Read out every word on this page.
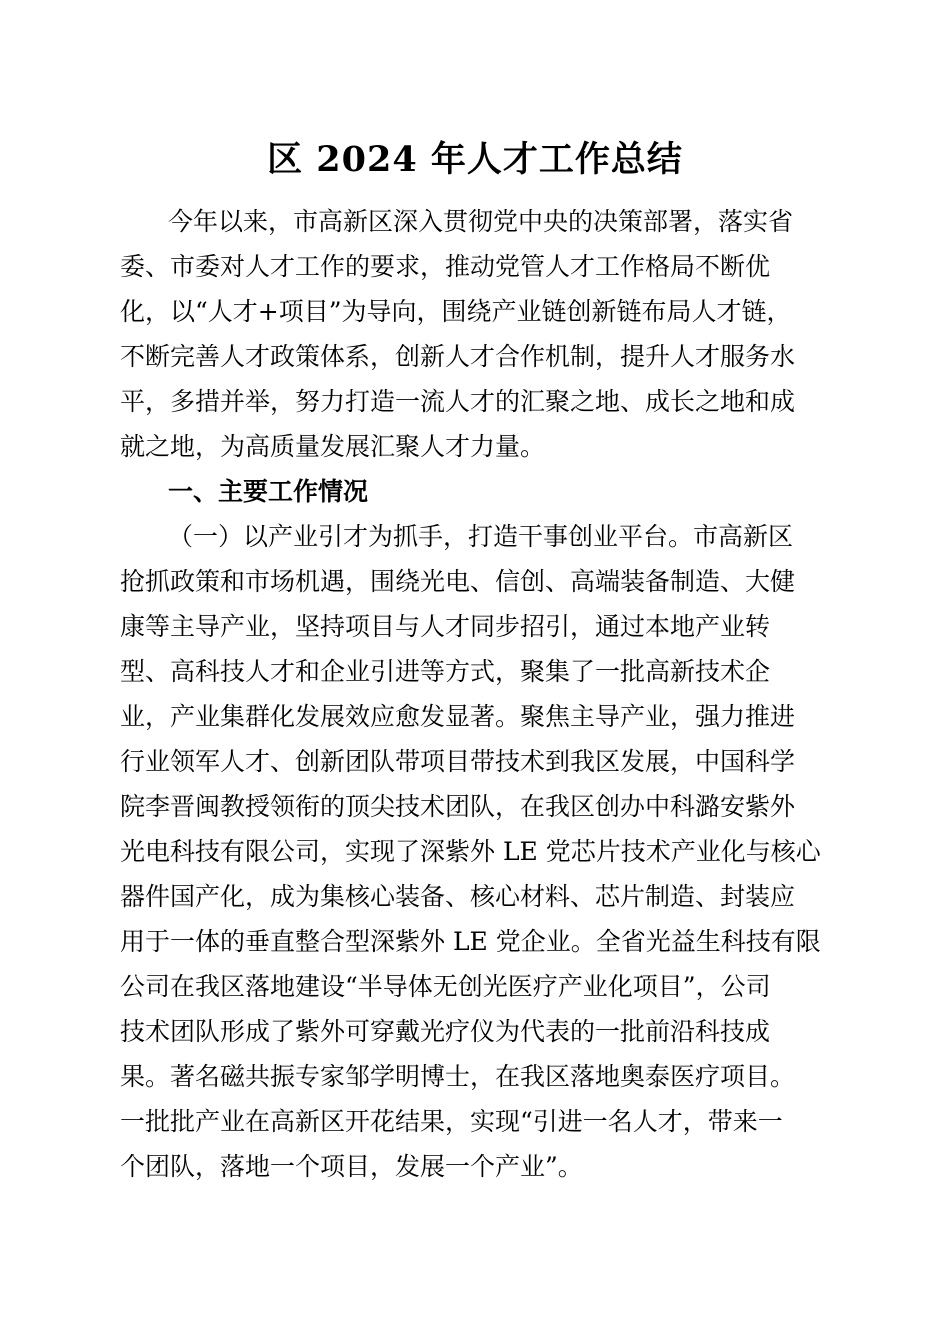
区 2024 年人才工作总结
今年以来，市高新区深入贯彻党中央的决策部署，落实省
委、市委对人才工作的要求，推动党管人才工作格局不断优
化，以“人才+项目”为导向，围绕产业链创新链布局人才链，
不断完善人才政策体系，创新人才合作机制，提升人才服务水
平，多措并举，努力打造一流人才的汇聚之地、成长之地和成
就之地，为高质量发展汇聚人才力量。
一、主要工作情况
（一）以产业引才为抓手，打造干事创业平台。市高新区
抢抓政策和市场机遇，围绕光电、信创、高端装备制造、大健
康等主导产业，坚持项目与人才同步招引，通过本地产业转
型、高科技人才和企业引进等方式，聚集了一批高新技术企
业，产业集群化发展效应愈发显著。聚焦主导产业，强力推进
行业领军人才、创新团队带项目带技术到我区发展，中国科学
院李晋闽教授领衔的顶尖技术团队，在我区创办中科潞安紫外
光电科技有限公司，实现了深紫外 LE 党芯片技术产业化与核心
器件国产化，成为集核心装备、核心材料、芯片制造、封装应
用于一体的垂直整合型深紫外 LE 党企业。全省光益生科技有限
公司在我区落地建设“半导体无创光医疗产业化项目”，公司
技术团队形成了紫外可穿戴光疗仪为代表的一批前沿科技成
果。著名磁共振专家邹学明博士，在我区落地奥泰医疗项目。
一批批产业在高新区开花结果，实现“引进一名人才，带来一
个团队，落地一个项目，发展一个产业”。
